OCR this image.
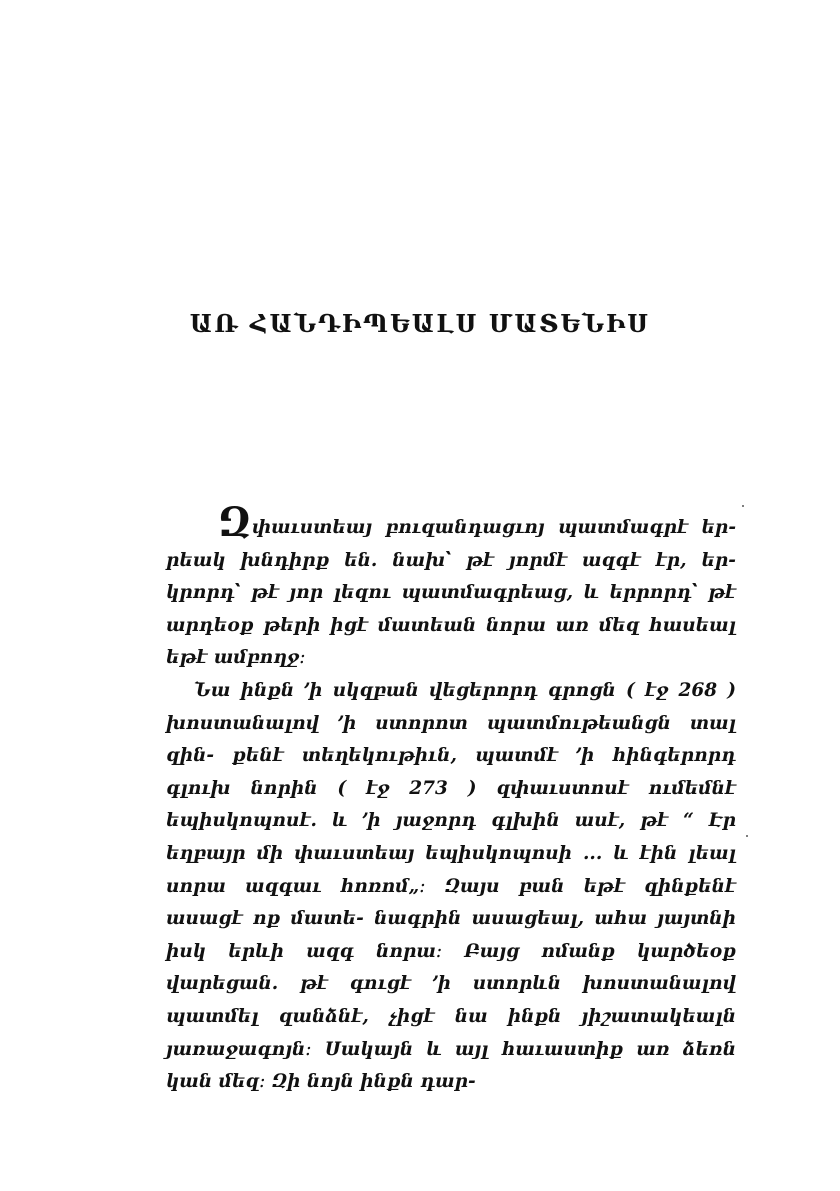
ԱՌ ՀԱՆԴԻՊԵԱԼՍ ՄԱՏԵՆԻՍ

Զփաւստեայ բուզանդացւոյ պատմագրէ եր- րեակ խնդիրք են. նախ՝ թէ յորմէ ազգէ էր, եր- կրորդ՝ թէ յոր լեզու պատմագրեաց, և երրորդ՝ թէ արդեօք թերի իցէ մատեան նորա առ մեզ հասեալ եթէ ամբողջ։

Նա ինքն ՚ի սկզբան վեցերորդ գրոցն ( էջ 268 ) խոստանալով ՚ի ստորոտ պատմութեանցն տալ զին- քենէ տեղեկութիւն, պատմէ ՚ի հինգերորդ գլուխ նորին ( էջ 273 ) զփաւստոսէ ումեմնէ եպիսկոպոսէ. և ՚ի յաջորդ գլխին ասէ, թէ “ Էր եղբայր մի փաւստեայ եպիսկոպոսի ... և էին լեալ սորա ազգաւ հոռոմ„։ Զայս բան եթէ զինքենէ ասացէ ոք մատե- նագրին ասացեալ, ահա յայտնի իսկ երևի ազգ նորա։ Բայց ոմանք կարծեօք վարեցան. թէ գուցէ ՚ի ստորևն խոստանալով պատմել զանձնէ, չիցէ նա ինքն յիշատակեալն յառաջագոյն։ Սակայն և այլ հաւաստիք առ ձեռն կան մեզ։ Զի նոյն ինքն դար-
